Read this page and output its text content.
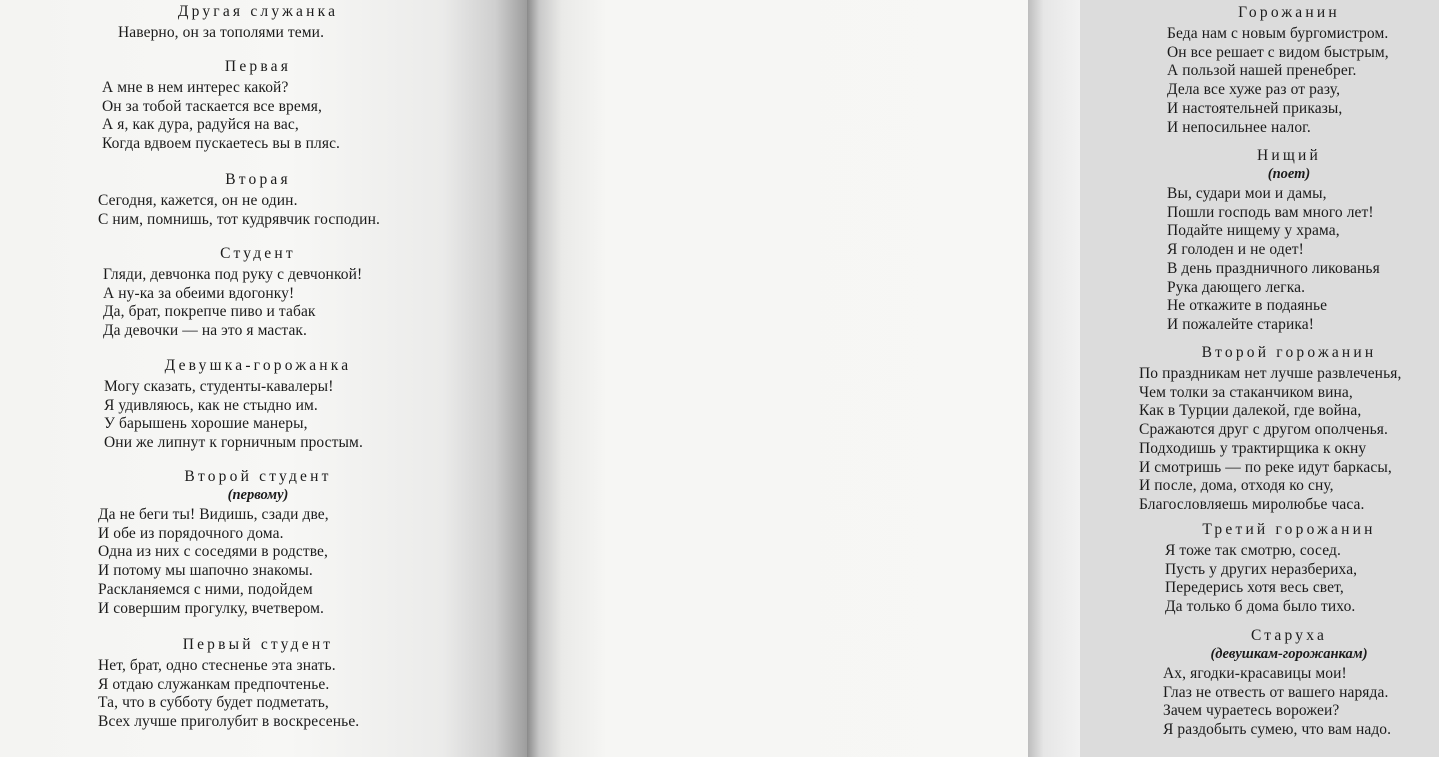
Другая служанка
Наверно, он за тополями теми.
Первая
А мне в нем интерес какой?
Он за тобой таскается все время,
А я, как дура, радуйся на вас,
Когда вдвоем пускаетесь вы в пляс.
Вторая
Сегодня, кажется, он не один.
С ним, помнишь, тот кудрявчик господин.
Студент
Гляди, девчонка под руку с девчонкой!
А ну-ка за обеими вдогонку!
Да, брат, покрепче пиво и табак
Да девочки — на это я мастак.
Девушка-горожанка
Могу сказать, студенты-кавалеры!
Я удивляюсь, как не стыдно им.
У барышень хорошие манеры,
Они же липнут к горничным простым.
Второй студент
(первому)
Да не беги ты! Видишь, сзади две,
И обе из порядочного дома.
Одна из них с соседями в родстве,
И потому мы шапочно знакомы.
Раскланяемся с ними, подойдем
И совершим прогулку, вчетвером.
Первый студент
Нет, брат, одно стесненье эта знать.
Я отдаю служанкам предпочтенье.
Та, что в субботу будет подметать,
Всех лучше приголубит в воскресенье.
Горожанин
Беда нам с новым бургомистром.
Он все решает с видом быстрым,
А пользой нашей пренебрег.
Дела все хуже раз от разу,
И настоятельней приказы,
И непосильнее налог.
Нищий
(поет)
Вы, судари мои и дамы,
Пошли господь вам много лет!
Подайте нищему у храма,
Я голоден и не одет!
В день праздничного ликованья
Рука дающего легка.
Не откажите в подаянье
И пожалейте старика!
Второй горожанин
По праздникам нет лучше развлеченья,
Чем толки за стаканчиком вина,
Как в Турции далекой, где война,
Сражаются друг с другом ополченья.
Подходишь у трактирщика к окну
И смотришь — по реке идут баркасы,
И после, дома, отходя ко сну,
Благословляешь миролюбье часа.
Третий горожанин
Я тоже так смотрю, сосед.
Пусть у других неразбериха,
Передерись хотя весь свет,
Да только б дома было тихо.
Старуха
(девушкам-горожанкам)
Ах, ягодки-красавицы мои!
Глаз не отвесть от вашего наряда.
Зачем чураетесь ворожеи?
Я раздобыть сумею, что вам надо.
